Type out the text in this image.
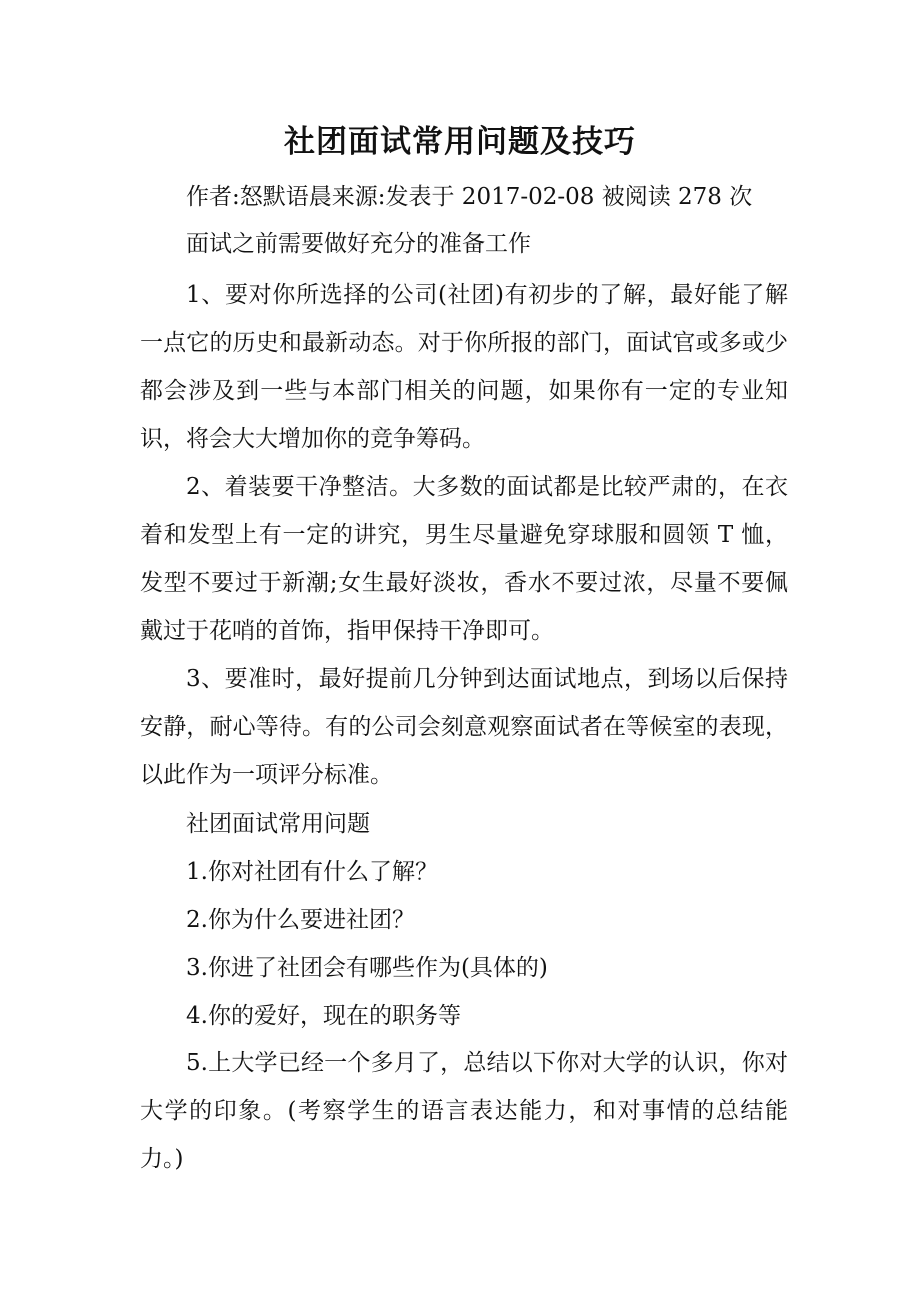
社团面试常用问题及技巧
作者:怒默语晨来源:发表于 2017-02-08 被阅读 278 次
面试之前需要做好充分的准备工作
1、要对你所选择的公司(社团)有初步的了解，最好能了解一点它的历史和最新动态。对于你所报的部门，面试官或多或少都会涉及到一些与本部门相关的问题，如果你有一定的专业知识，将会大大增加你的竞争筹码。
2、着装要干净整洁。大多数的面试都是比较严肃的，在衣着和发型上有一定的讲究，男生尽量避免穿球服和圆领 T 恤，发型不要过于新潮;女生最好淡妆，香水不要过浓，尽量不要佩戴过于花哨的首饰，指甲保持干净即可。
3、要准时，最好提前几分钟到达面试地点，到场以后保持安静，耐心等待。有的公司会刻意观察面试者在等候室的表现，以此作为一项评分标准。
社团面试常用问题
1.你对社团有什么了解？
2.你为什么要进社团？
3.你进了社团会有哪些作为(具体的)
4.你的爱好，现在的职务等
5.上大学已经一个多月了，总结以下你对大学的认识，你对大学的印象。(考察学生的语言表达能力，和对事情的总结能力。)
